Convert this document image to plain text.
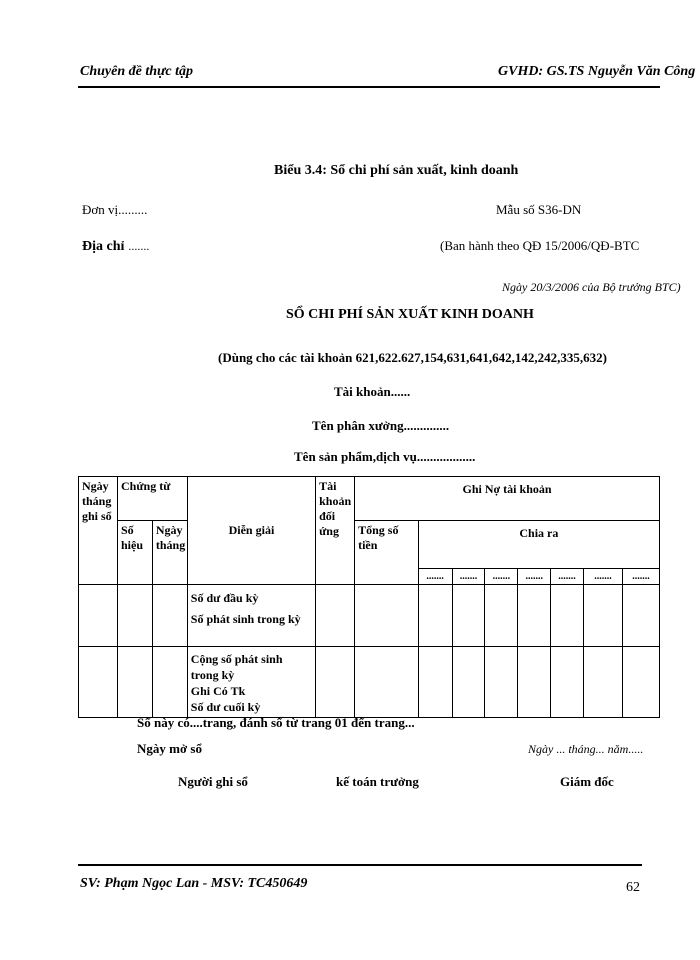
Chuyên đề thực tập	GVHD: GS.TS Nguyễn Văn Công
Biểu 3.4: Sổ chi phí sản xuất, kinh doanh
Đơn vị.........	Mẫu số S36-DN
Địa chỉ .......	(Ban hành theo QĐ 15/2006/QĐ-BTC
Ngày 20/3/2006 của Bộ trưởng BTC)
SỔ CHI PHÍ SẢN XUẤT KINH DOANH
(Dùng cho các tài khoản 621,622.627,154,631,641,642,142,242,335,632)
Tài khoản......
Tên phân xưởng..............
Tên sản phẩm,dịch vụ..................
Ngày tháng ghi sổ	Chứng từ		Diễn giải	Tài khoản đối ứng	Ghi Nợ tài khoản							
	Số hiệu	Ngày tháng			Tổng số tiền	Chia ra						
						.......	.......	.......	.......	.......	.......	.......

			Số dư đầu kỳ
Số phát sinh trong kỳ									

			Cộng số phát sinh trong kỳ
Ghi Có Tk
Số dư cuối kỳ									

Sổ này có....trang, đánh số từ trang 01 đến trang...
Ngày mở sổ	Ngày ... tháng... năm.....
Người ghi sổ	kế toán trưởng	Giám đốc
SV: Phạm Ngọc Lan - MSV: TC450649	62
